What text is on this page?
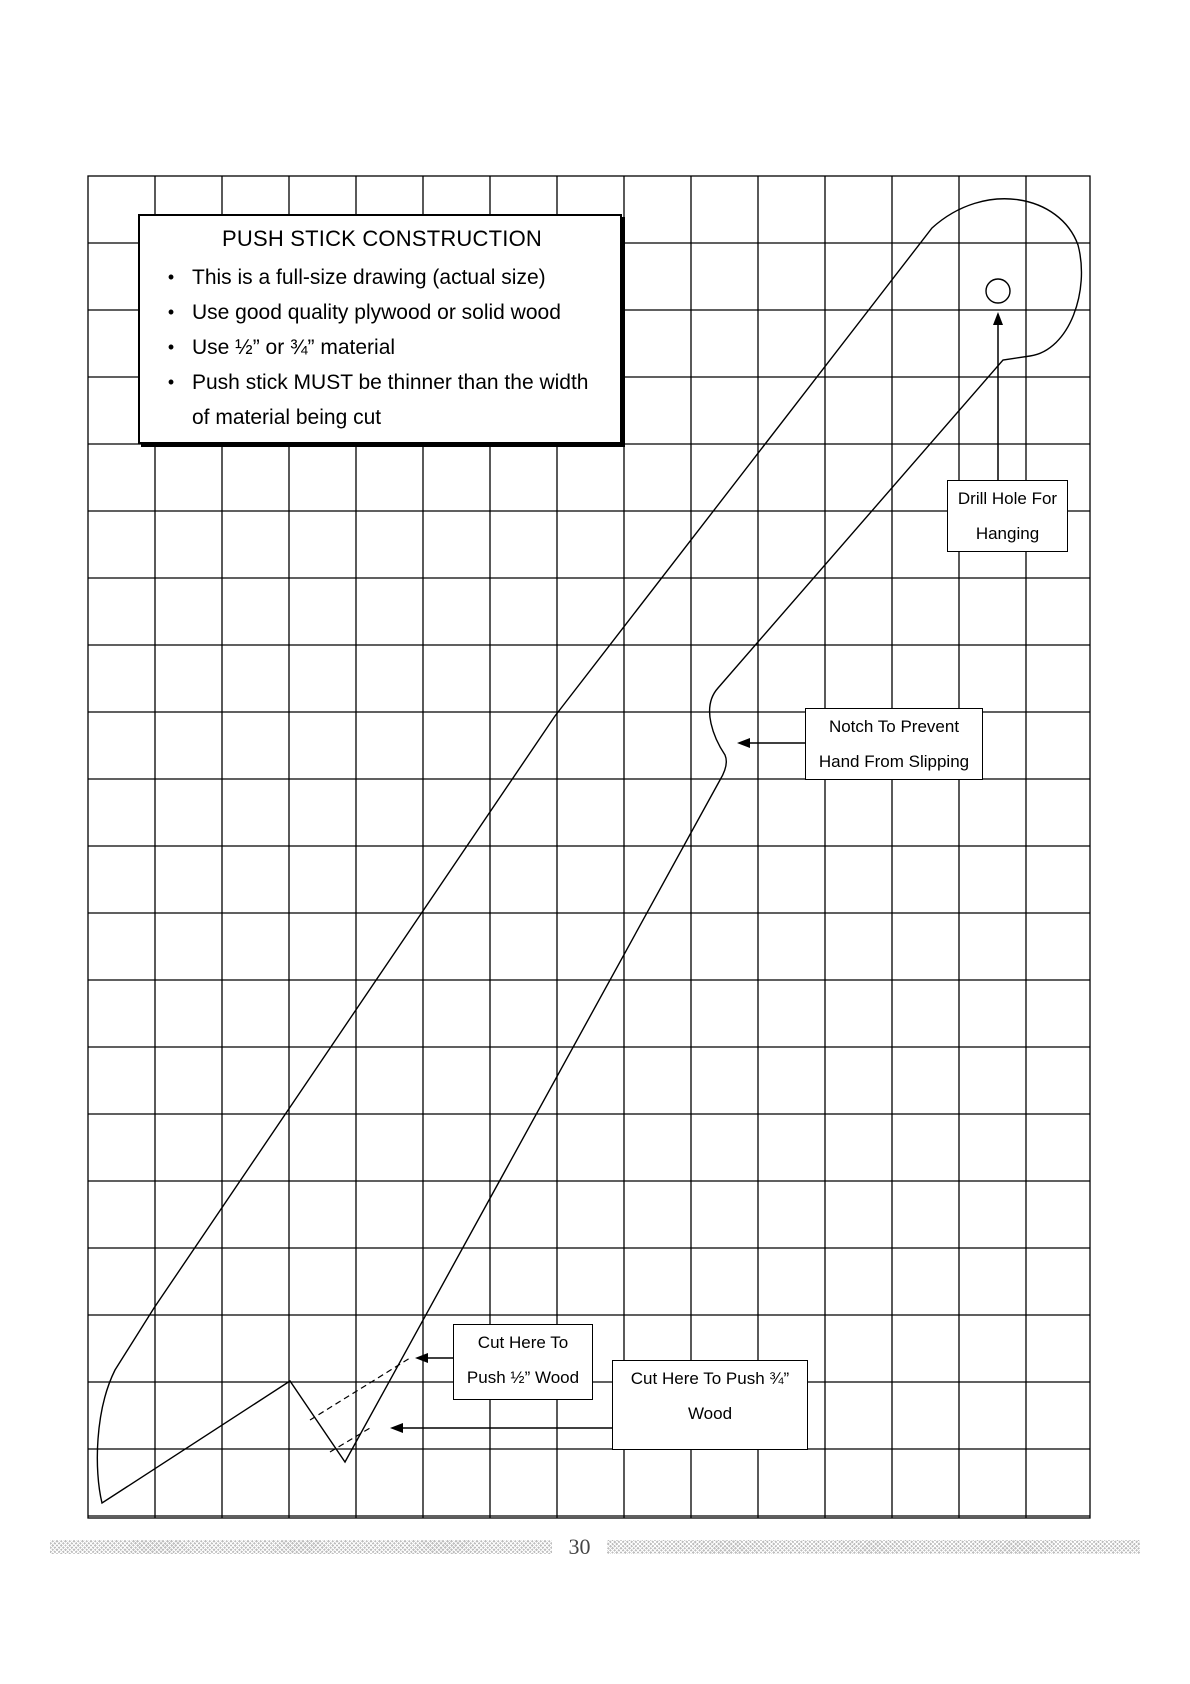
PUSH STICK CONSTRUCTION
• This is a full-size drawing (actual size)
• Use good quality plywood or solid wood
• Use ½” or ¾” material
• Push stick MUST be thinner than the width of material being cut
Drill Hole For
Hanging
Notch To Prevent
Hand From Slipping
Cut Here To
Push ½” Wood	Cut Here To Push ¾”
Wood
30
